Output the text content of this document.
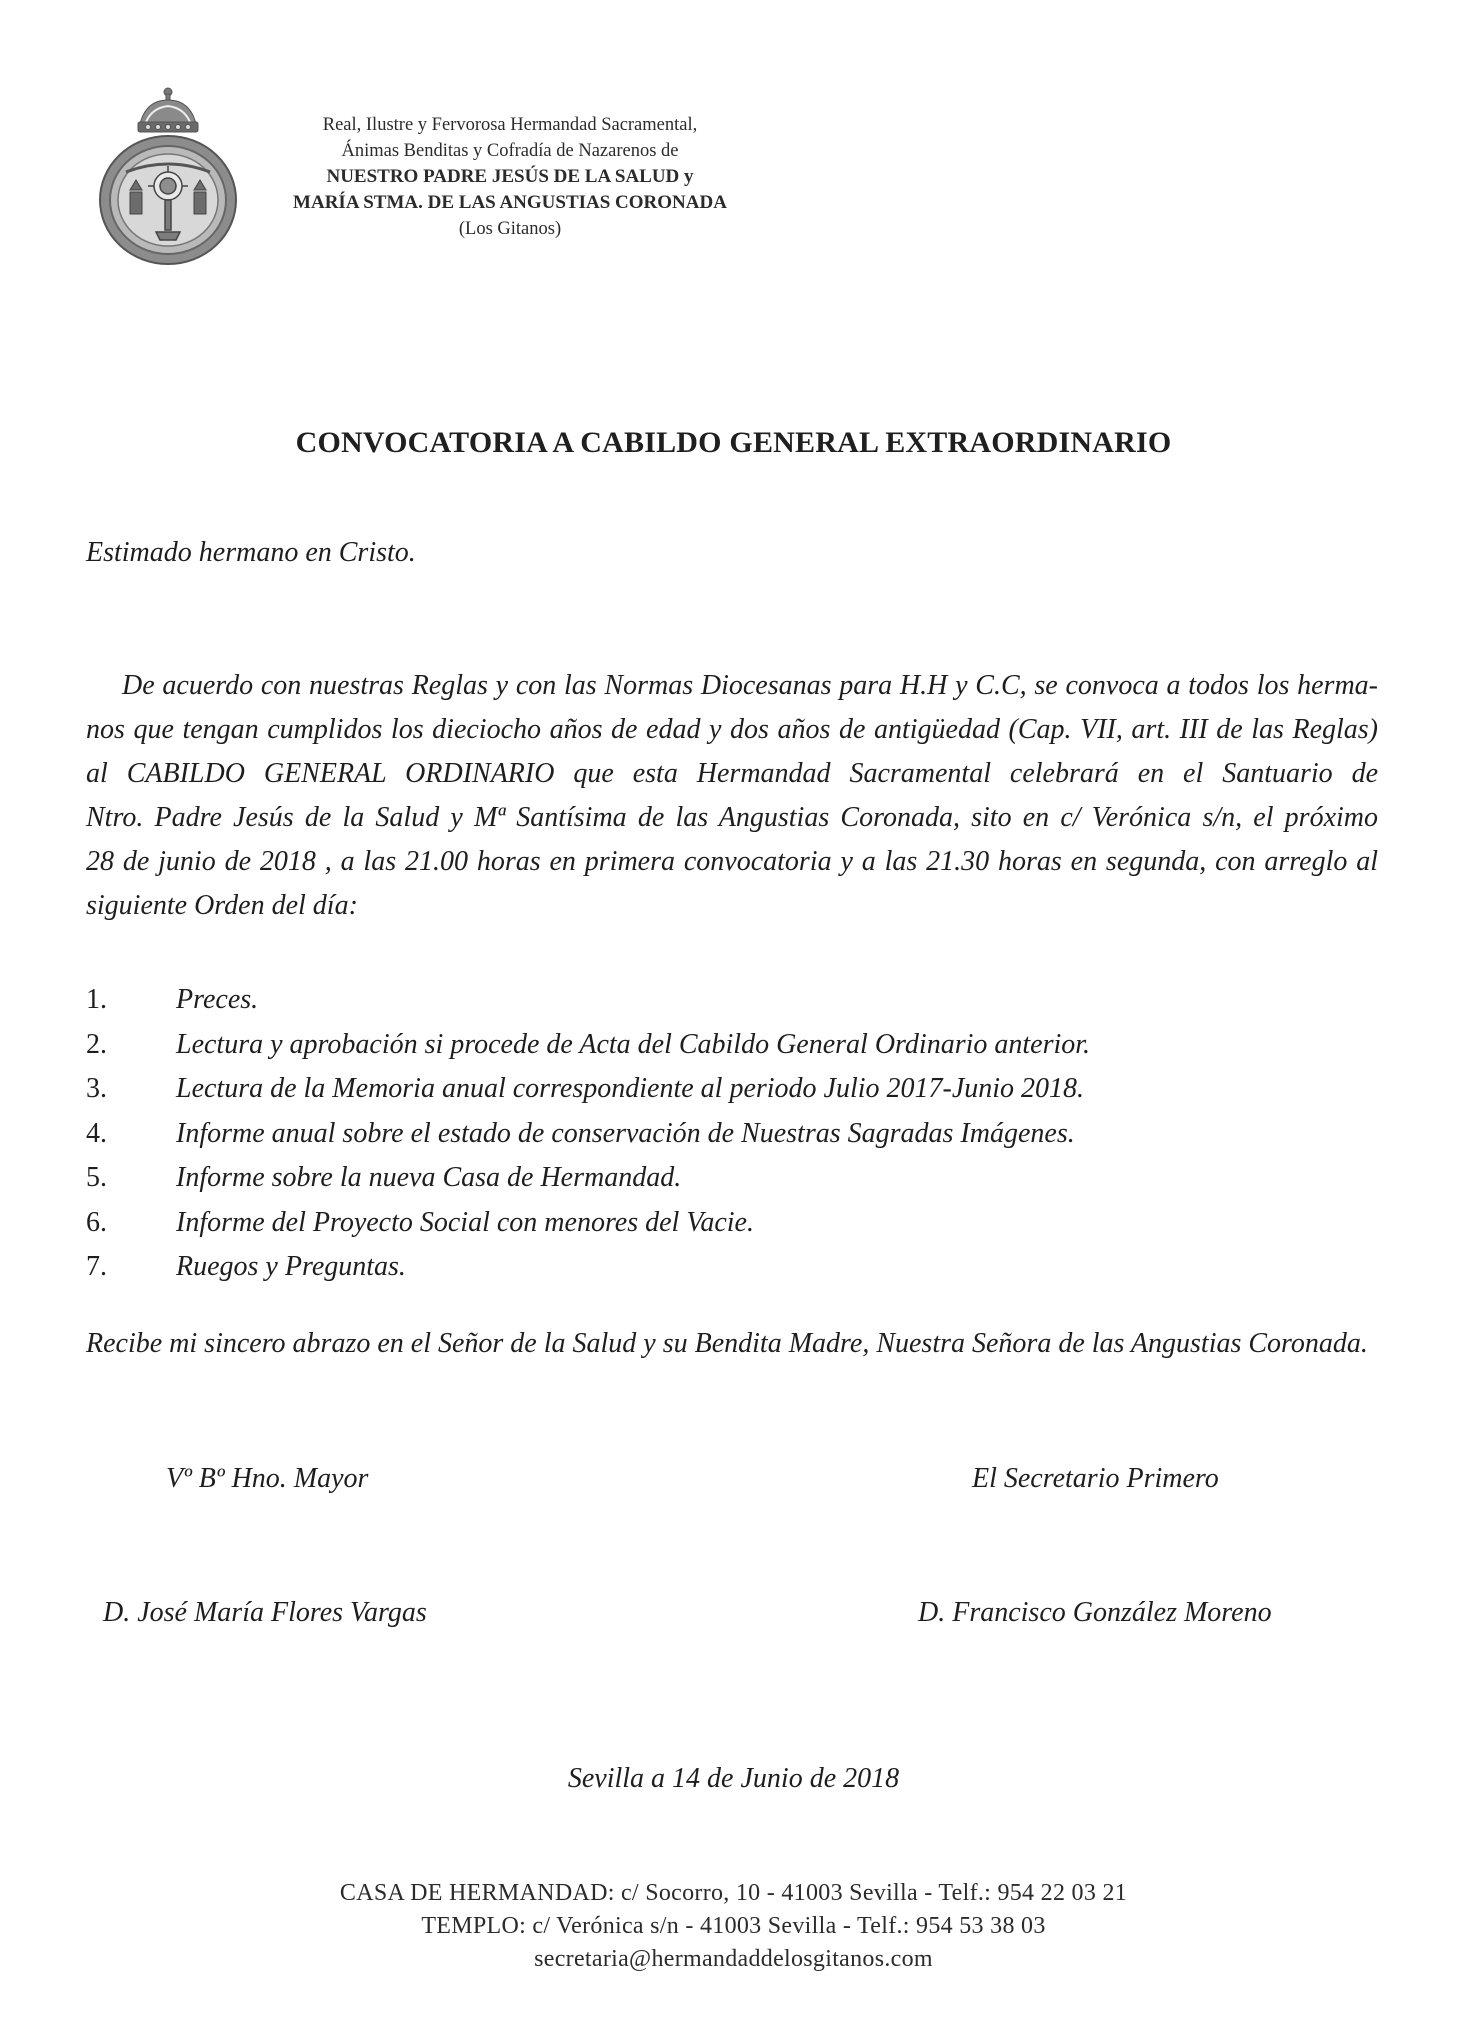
Real, Ilustre y Fervorosa Hermandad Sacramental,
Ánimas Benditas y Cofradía de Nazarenos de
NUESTRO PADRE JESÚS DE LA SALUD y
MARÍA STMA. DE LAS ANGUSTIAS CORONADA
(Los Gitanos)
CONVOCATORIA A CABILDO GENERAL EXTRAORDINARIO
Estimado hermano en Cristo.
De acuerdo con nuestras Reglas y con las Normas Diocesanas para H.H y C.C, se convoca a todos los herma-
nos que tengan cumplidos los dieciocho años de edad y dos años de antigüedad (Cap. VII, art. III de las Reglas)
al CABILDO GENERAL ORDINARIO que esta Hermandad Sacramental celebrará en el Santuario de
Ntro. Padre Jesús de la Salud y Mª Santísima de las Angustias Coronada, sito en c/ Verónica s/n, el próximo
28 de junio de 2018 , a las 21.00 horas en primera convocatoria y a las 21.30 horas en segunda, con arreglo al
siguiente Orden del día:
1. Preces.
2. Lectura y aprobación si procede de Acta del Cabildo General Ordinario anterior.
3. Lectura de la Memoria anual correspondiente al periodo Julio 2017-Junio 2018.
4. Informe anual sobre el estado de conservación de Nuestras Sagradas Imágenes.
5. Informe sobre la nueva Casa de Hermandad.
6. Informe del Proyecto Social con menores del Vacie.
7. Ruegos y Preguntas.
Recibe mi sincero abrazo en el Señor de la Salud y su Bendita Madre, Nuestra Señora de las Angustias Coronada.
Vº Bº Hno. Mayor	El Secretario Primero
D. José María Flores Vargas	D. Francisco González Moreno
Sevilla a 14 de Junio de 2018
CASA DE HERMANDAD: c/ Socorro, 10 - 41003 Sevilla - Telf.: 954 22 03 21
TEMPLO: c/ Verónica s/n - 41003 Sevilla - Telf.: 954 53 38 03
secretaria@hermandaddelosgitanos.com
